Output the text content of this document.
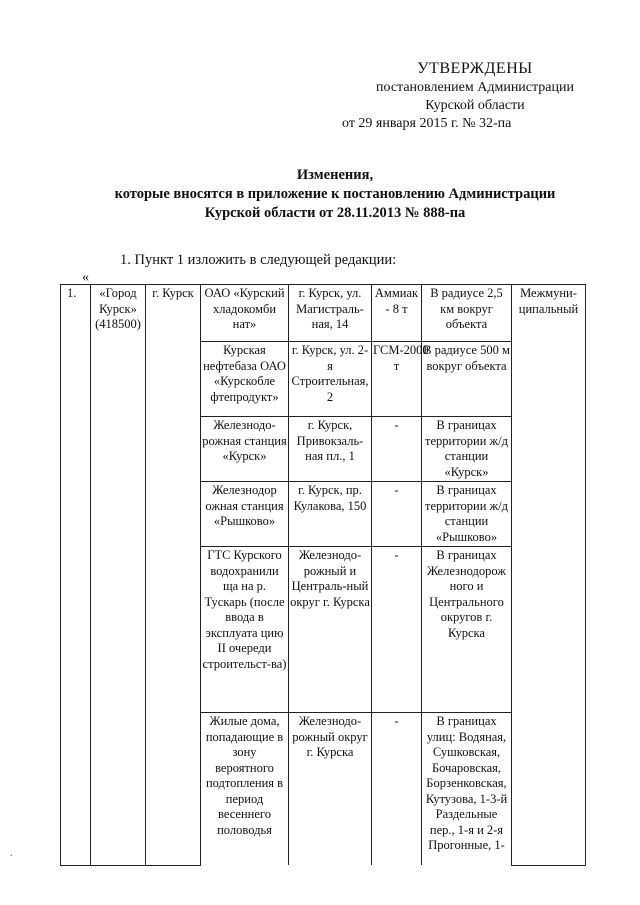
УТВЕРЖДЕНЫ
постановлением Администрации
Курской области
от 29 января 2015 г. № 32-па
Изменения,
которые вносятся в приложение к постановлению Администрации
Курской области от 28.11.2013 № 888-па
1. Пункт 1 изложить в следующей редакции:
«
1.	«Город Курск» (418500)	г. Курск	ОАО «Курский хладокомби нат»	г. Курск, ул. Магистраль-ная, 14	Аммиак - 8 т	В радиусе 2,5 км вокруг объекта	Межмуни-ципальный
			Курская нефтебаза ОАО «Курскобле фтепродукт»	г. Курск, ул. 2-я Строительная, 2	ГСМ-2000 т	В радиусе 500 м вокруг объекта	
			Железнодо-рожная станция «Курск»	г. Курск, Привокзаль-ная пл., 1	-	В границах территории ж/д станции «Курск»	
			Железнодор ожная станция «Рышково»	г. Курск, пр. Кулакова, 150	-	В границах территории ж/д станции «Рышково»	
			ГТС Курского водохранили ща на р. Тускарь (после ввода в эксплуата цию II очереди строительст-ва)	Железнодо-рожный и Централь-ный округ г. Курска	-	В границах Железнодорож ного и Центрального округов г. Курска	
			Жилые дома, попадающие в зону вероятного подтопления в период весеннего половодья	Железнодо-рожный округ г. Курска	-	В границах улиц: Водяная, Сушковская, Бочаровская, Борзенковская, Кутузова, 1-3-й Раздельные пер., 1-я и 2-я Прогонные, 1-	
.
